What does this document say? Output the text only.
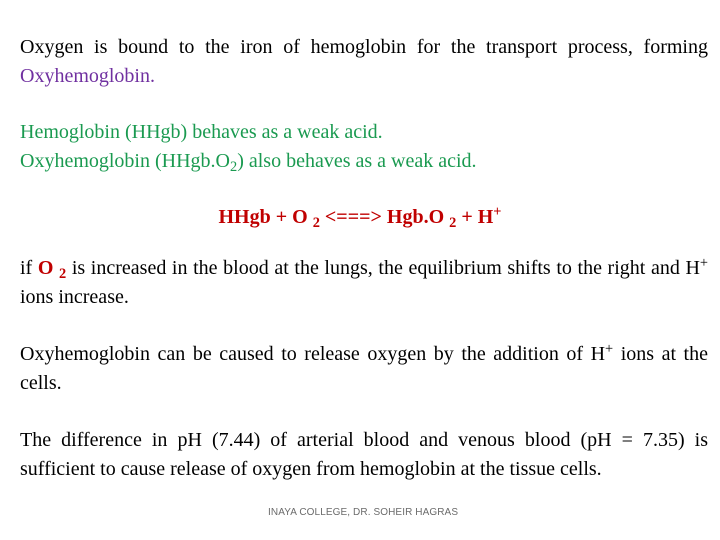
Oxygen is bound to the iron of hemoglobin for the transport process, forming Oxyhemoglobin.

Hemoglobin (HHgb) behaves as a weak acid.
Oxyhemoglobin $(HHgb.O_2)$ also behaves as a weak acid.

HHgb + O $_2$ <===> Hgb.O $_2$ + H+

if O $_2$ is increased in the blood at the lungs, the equilibrium shifts to the right and H+ ions increase.

Oxyhemoglobin can be caused to release oxygen by the addition of H+ ions at the cells.

The difference in pH (7.44) of arterial blood and venous blood (pH = 7.35) is sufficient to cause release of oxygen from hemoglobin at the tissue cells.

INAYA COLLEGE, DR. SOHEIR HAGRAS
